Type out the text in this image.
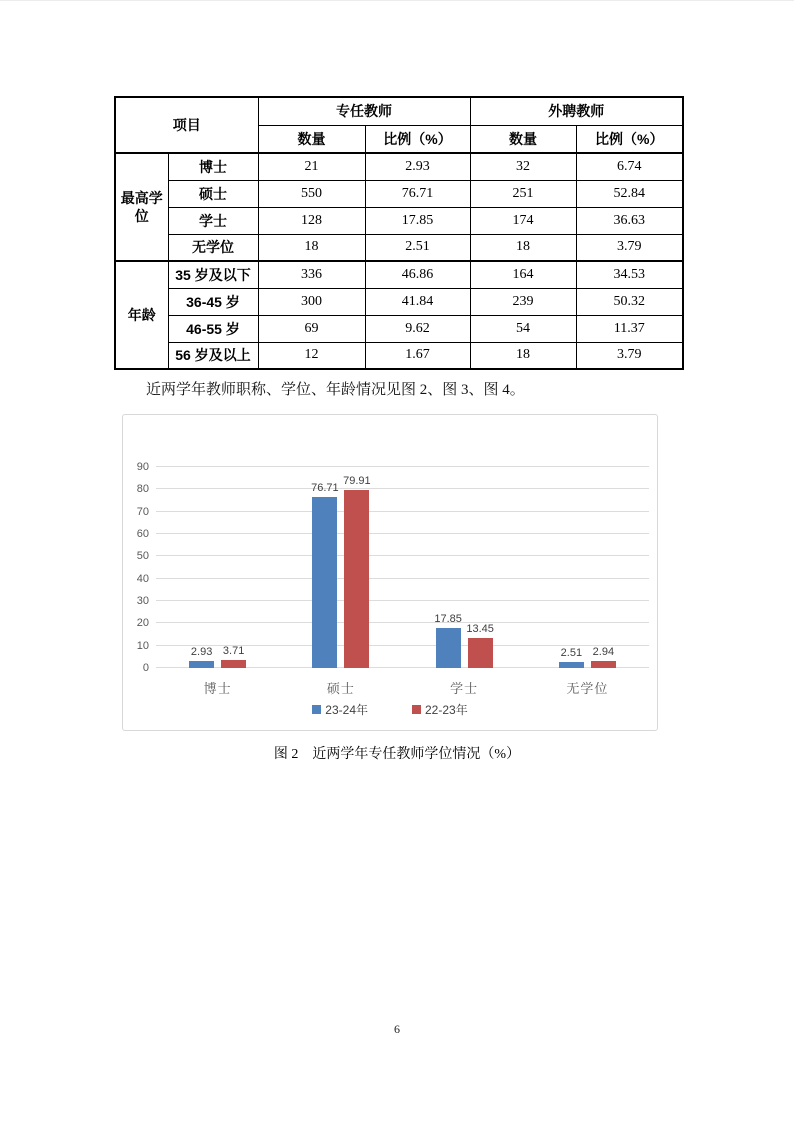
项目		专任教师		外聘教师	
		数量	比例（%）	数量	比例（%）
最高学位	博士	21	2.93	32	6.74
	硕士	550	76.71	251	52.84
	学士	128	17.85	174	36.63
	无学位	18	2.51	18	3.79
年龄	35 岁及以下	336	46.86	164	34.53
	36-45 岁	300	41.84	239	50.32
	46-55 岁	69	9.62	54	11.37
	56 岁及以上	12	1.67	18	3.79

近两学年教师职称、学位、年龄情况见图 2、图 3、图 4。

2.93 3.71
76.71
79.91
17.85
13.45
2.51 2.94
0
10
20
30
40
50
60
70
80
90
博士	硕士	学士	无学位
23-24年	22-23年
图 2　近两学年专任教师学位情况（%）
6
